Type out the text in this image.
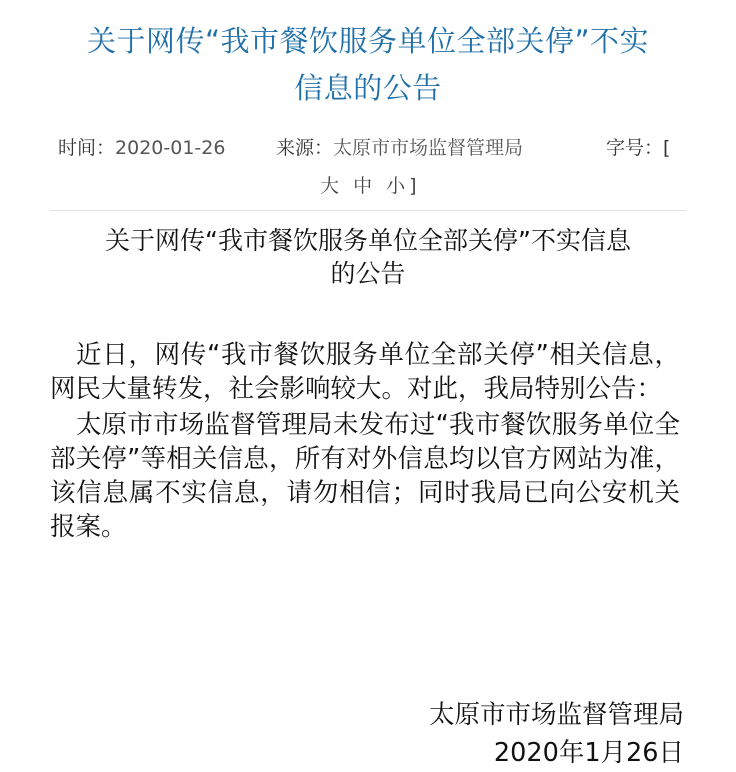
关于网传“我市餐饮服务单位全部关停”不实
信息的公告
时间：2020-01-26	来源：太原市市场监督管理局	字号：[
大 中 小]
关于网传“我市餐饮服务单位全部关停”不实信息
的公告

近日，网传“我市餐饮服务单位全部关停”相关信息，网民大量转发，社会影响较大。对此，我局特别公告：

太原市市场监督管理局未发布过“我市餐饮服务单位全部关停”等相关信息，所有对外信息均以官方网站为准，该信息属不实信息，请勿相信；同时我局已向公安机关报案。

太原市市场监督管理局
2020年1月26日
